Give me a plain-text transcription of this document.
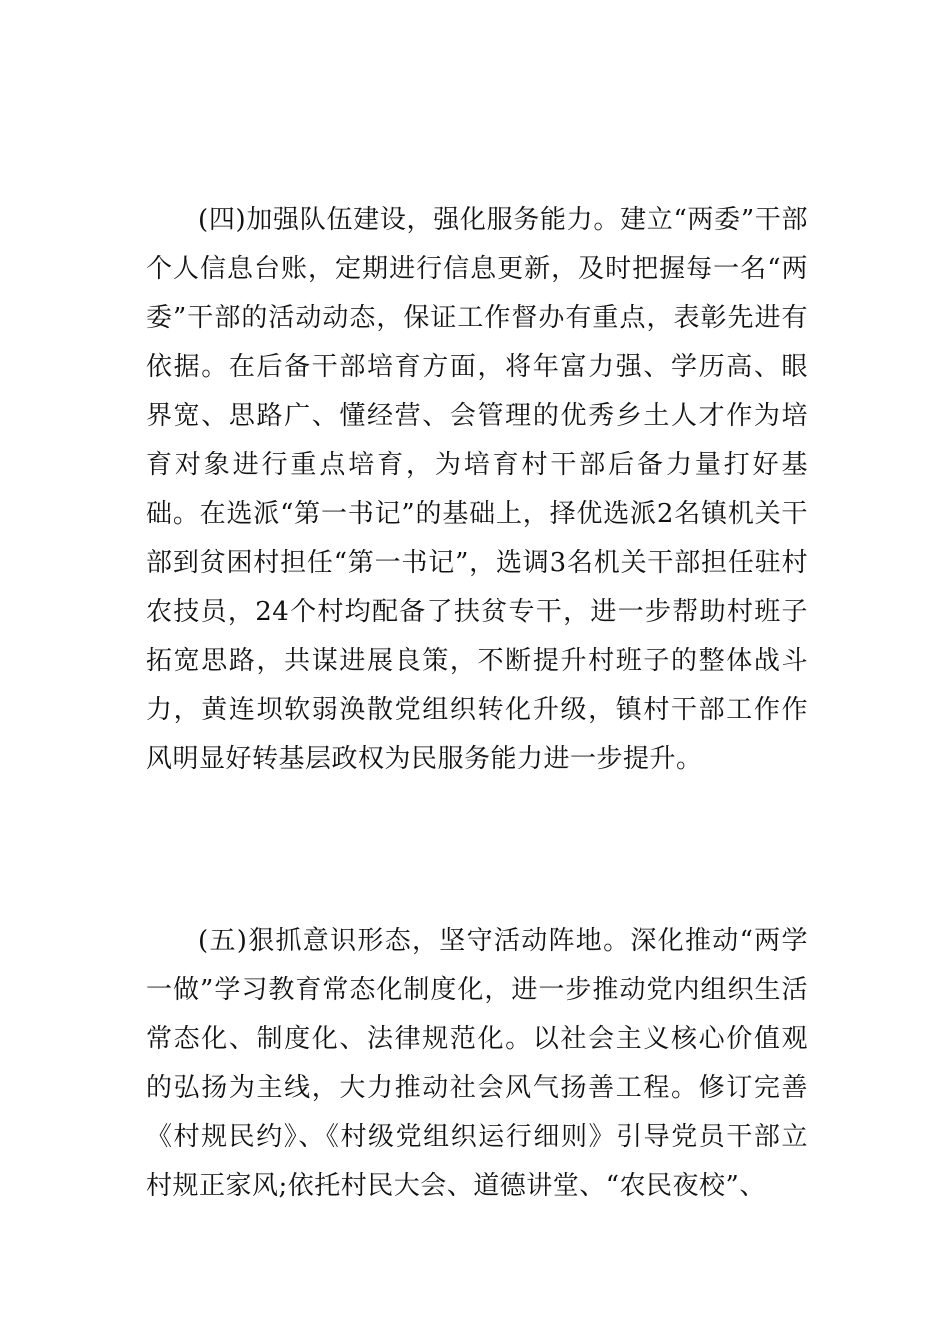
(四)加强队伍建设，强化服务能力。建立“两委”干部个人信息台账，定期进行信息更新，及时把握每一名“两委”干部的活动动态，保证工作督办有重点，表彰先进有依据。在后备干部培育方面，将年富力强、学历高、眼界宽、思路广、懂经营、会管理的优秀乡土人才作为培育对象进行重点培育，为培育村干部后备力量打好基础。在选派“第一书记”的基础上，择优选派2名镇机关干部到贫困村担任“第一书记”，选调3名机关干部担任驻村农技员，24个村均配备了扶贫专干，进一步帮助村班子拓宽思路，共谋进展良策，不断提升村班子的整体战斗力，黄连坝软弱涣散党组织转化升级，镇村干部工作作风明显好转基层政权为民服务能力进一步提升。

(五)狠抓意识形态，坚守活动阵地。深化推动“两学一做”学习教育常态化制度化，进一步推动党内组织生活常态化、制度化、法律规范化。以社会主义核心价值观的弘扬为主线，大力推动社会风气扬善工程。修订完善《村规民约》、《村级党组织运行细则》引导党员干部立村规正家风;依托村民大会、道德讲堂、“农民夜校”、
